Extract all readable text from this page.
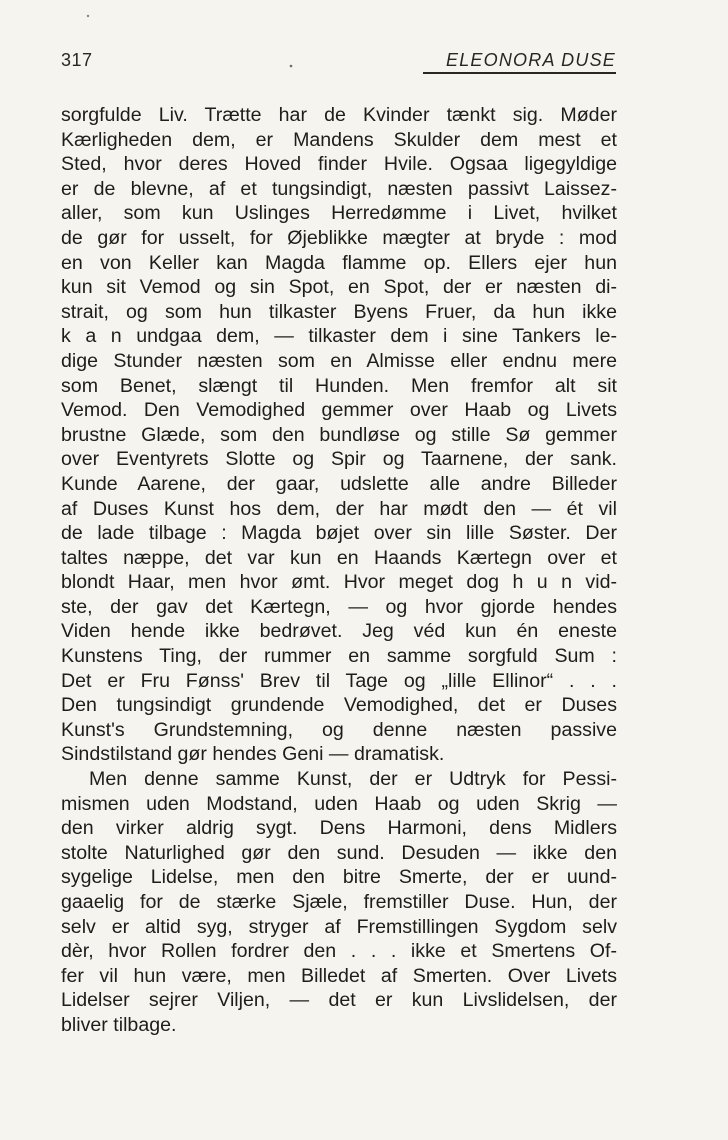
317	ELEONORA DUSE
sorgfulde Liv. Trætte har de Kvinder tænkt sig. Møder
Kærligheden dem, er Mandens Skulder dem mest et
Sted, hvor deres Hoved finder Hvile. Ogsaa ligegyldige
er de blevne, af et tungsindigt, næsten passivt Laissez-
aller, som kun Uslinges Herredømme i Livet, hvilket
de gør for usselt, for Øjeblikke mægter at bryde : mod
en von Keller kan Magda flamme op. Ellers ejer hun
kun sit Vemod og sin Spot, en Spot, der er næsten di-
strait, og som hun tilkaster Byens Fruer, da hun ikke
k a n undgaa dem, — tilkaster dem i sine Tankers le-
dige Stunder næsten som en Almisse eller endnu mere
som Benet, slængt til Hunden. Men fremfor alt sit
Vemod. Den Vemodighed gemmer over Haab og Livets
brustne Glæde, som den bundløse og stille Sø gemmer
over Eventyrets Slotte og Spir og Taarnene, der sank.
Kunde Aarene, der gaar, udslette alle andre Billeder
af Duses Kunst hos dem, der har mødt den — ét vil
de lade tilbage : Magda bøjet over sin lille Søster. Der
taltes næppe, det var kun en Haands Kærtegn over et
blondt Haar, men hvor ømt. Hvor meget dog h u n vid-
ste, der gav det Kærtegn, — og hvor gjorde hendes
Viden hende ikke bedrøvet. Jeg véd kun én eneste
Kunstens Ting, der rummer en samme sorgfuld Sum :
Det er Fru Fønss' Brev til Tage og „lille Ellinor“ . . .
Den tungsindigt grundende Vemodighed, det er Duses
Kunst's Grundstemning, og denne næsten passive
Sindstilstand gør hendes Geni — dramatisk.
Men denne samme Kunst, der er Udtryk for Pessi-
mismen uden Modstand, uden Haab og uden Skrig —
den virker aldrig sygt. Dens Harmoni, dens Midlers
stolte Naturlighed gør den sund. Desuden — ikke den
sygelige Lidelse, men den bitre Smerte, der er uund-
gaaelig for de stærke Sjæle, fremstiller Duse. Hun, der
selv er altid syg, stryger af Fremstillingen Sygdom selv
dèr, hvor Rollen fordrer den . . . ikke et Smertens Of-
fer vil hun være, men Billedet af Smerten. Over Livets
Lidelser sejrer Viljen, — det er kun Livslidelsen, der
bliver tilbage.
